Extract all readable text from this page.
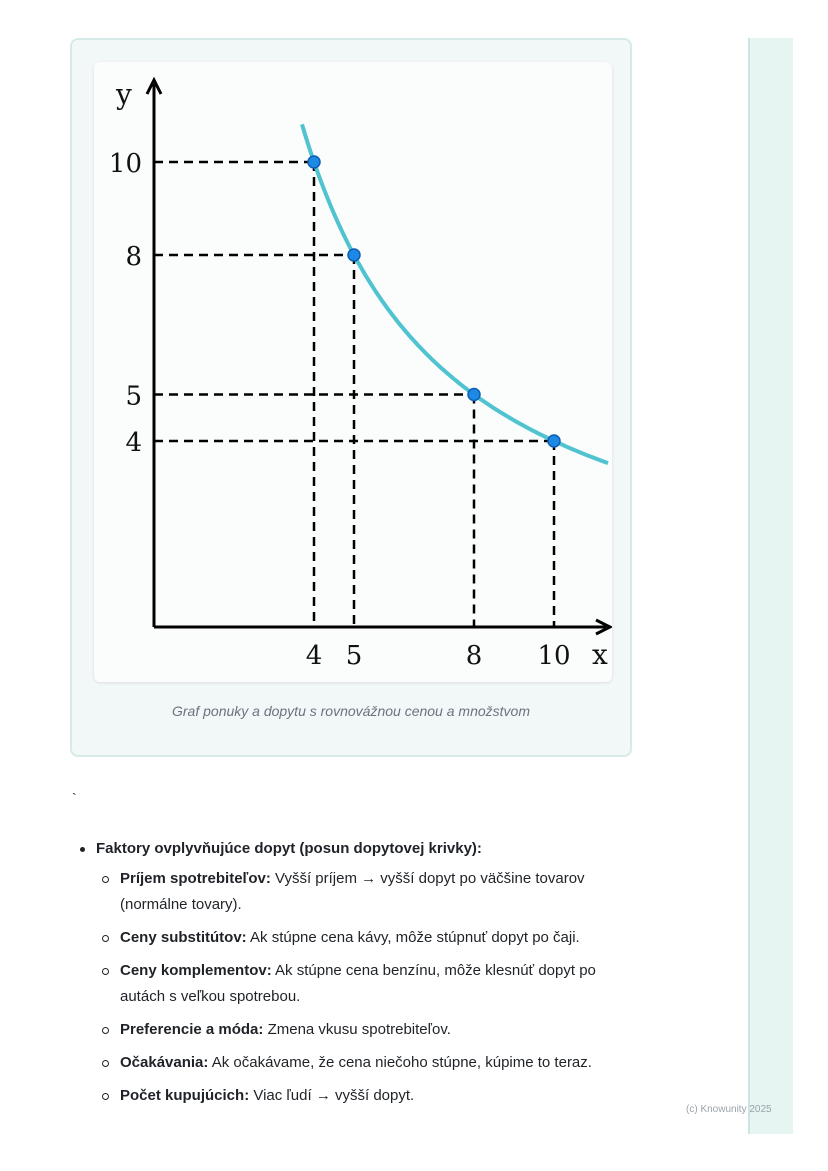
y
x
4
5
8
10
4 5	8 10
Graf ponuky a dopytu s rovnovážnou cenou a množstvom
`
Faktory ovplyvňujúce dopyt (posun dopytovej krivky):
Príjem spotrebiteľov: Vyšší príjem → vyšší dopyt po väčšine tovarov (normálne tovary).
Ceny substitútov: Ak stúpne cena kávy, môže stúpnuť dopyt po čaji.
Ceny komplementov: Ak stúpne cena benzínu, môže klesnúť dopyt po autách s veľkou spotrebou.
Preferencie a móda: Zmena vkusu spotrebiteľov.
Očakávania: Ak očakávame, že cena niečoho stúpne, kúpime to teraz.
Počet kupujúcich: Viac ľudí → vyšší dopyt.
(c) Knowunity 2025
